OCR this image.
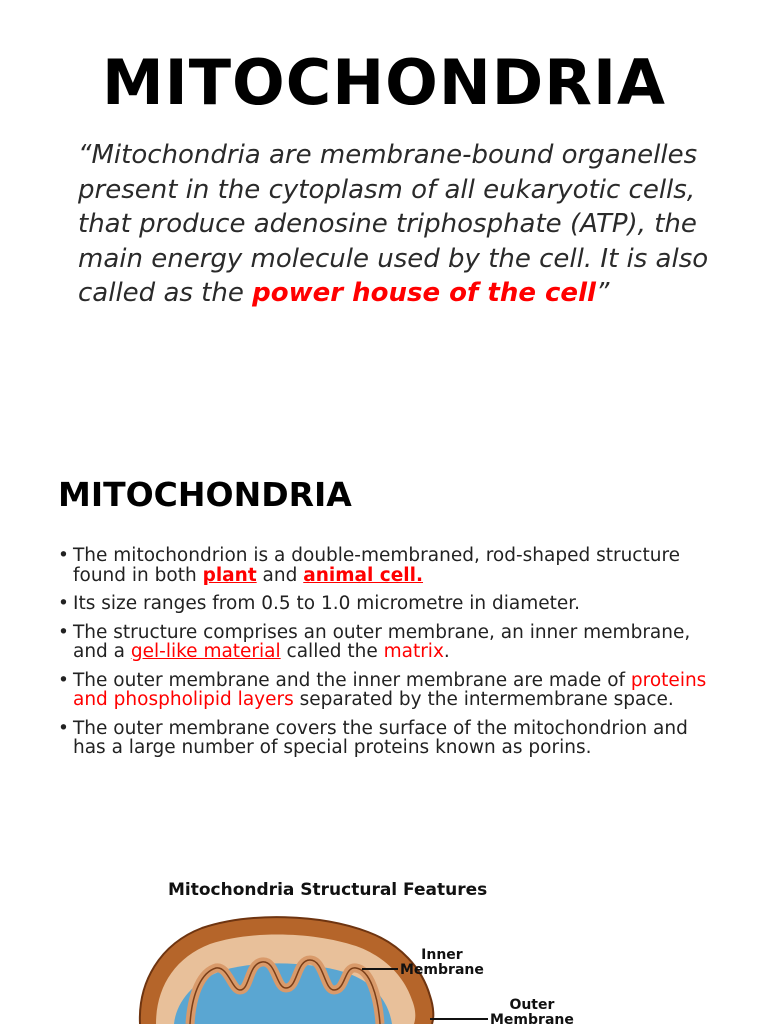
MITOCHONDRIA
“Mitochondria are membrane-bound organelles present in the cytoplasm of all eukaryotic cells, that produce adenosine triphosphate (ATP), the main energy molecule used by the cell. It is also called as the power house of the cell”
MITOCHONDRIA
• The mitochondrion is a double-membraned, rod-shaped structure found in both plant and animal cell.
• Its size ranges from 0.5 to 1.0 micrometre in diameter.
• The structure comprises an outer membrane, an inner membrane, and a gel-like material called the matrix.
• The outer membrane and the inner membrane are made of proteins and phospholipid layers separated by the intermembrane space.
• The outer membrane covers the surface of the mitochondrion and has a large number of special proteins known as porins.
Mitochondria Structural Features
Inner
Membrane
Outer
Membrane
